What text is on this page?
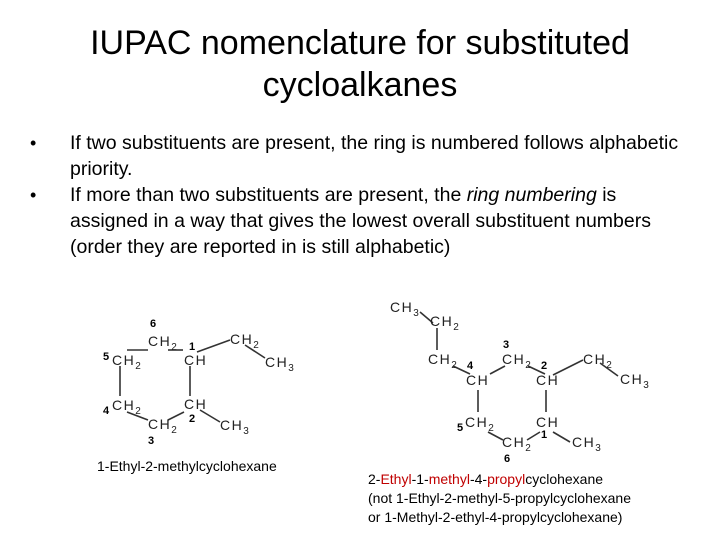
IUPAC nomenclature for substituted
cycloalkanes
• If two substituents are present, the ring is numbered follows alphabetic priority.
• If more than two substituents are present, the ring numbering is assigned in a way that gives the lowest overall substituent numbers (order they are reported in is still alphabetic)
$CH_2$
CH
$CH_2$
$CH_3$
$CH_2$
$CH_2$	CH
$CH_2$	$CH_3$
6
1
2
3
4
5
1-Ethyl-2-methylcyclohexane
$CH_3$ $CH_2$
$CH_2$	$CH_2$	$CH_2$
CH	CH	$CH_3$
$CH_2$	CH
$CH_2$	$CH_3$
3
4	2
5
1
6
2-Ethyl-1-methyl-4-propylcyclohexane
(not 1-Ethyl-2-methyl-5-propylcyclohexane
or 1-Methyl-2-ethyl-4-propylcyclohexane)
